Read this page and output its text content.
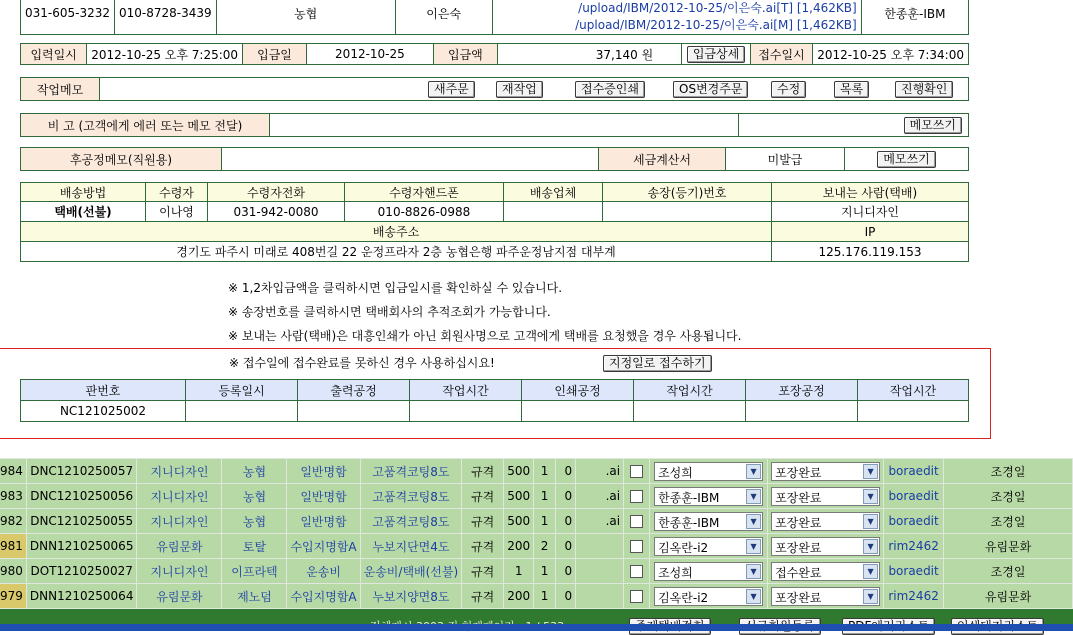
031-605-3232	010-8728-3439	농협	이은숙	/upload/IBM/2012-10-25/이은숙.ai[T] [1,462KB]
/upload/IBM/2012-10-25/이은숙.ai[M] [1,462KB]
	한종훈-IBM
입력일시	2012-10-25 오후 7:25:00	입금일	2012-10-25	입금액	37,140 원	입금상세	접수일시	2012-10-25 오후 7:34:00
작업메모	새주문	재작업	접수증인쇄	OS변경주문	수정	목록	진행확인
비 고 (고객에게 에러 또는 메모 전달)		메모쓰기
후공정메모(직원용)		세금계산서	미발급	메모쓰기
배송방법	수령자	수령자전화	수령자핸드폰	배송업체	송장(등기)번호	보내는 사람(택배)
택배(선불)	이나영	031-942-0080	010-8826-0988			지니디자인
배송주소						IP
경기도 파주시 미래로 408번길 22 운정프라자 2층 농협은행 파주운정남지점 대부계						125.176.119.153
※ 1,2차입금액을 클릭하시면 입금일시를 확인하실 수 있습니다.
※ 송장번호를 클릭하시면 택배회사의 추적조회가 가능합니다.
※ 보내는 사람(택배)은 대흥인쇄가 아닌 회원사명으로 고객에게 택배를 요청했을 경우 사용됩니다.
※ 접수일에 접수완료를 못하신 경우 사용하십시요!	지정일로 접수하기
판번호	등록일시	출력공정	작업시간	인쇄공정	작업시간	포장공정	작업시간
NC121025002							
984	DNC1210250057	지니디자인	농협	일반명함	고품격코팅8도	규격	500	1	0	.ai		조성희 ▼	포장완료 ▼	boraedit	조경일
983	DNC1210250056	지니디자인	농협	일반명함	고품격코팅8도	규격	500	1	0	.ai		한종훈-IBM ▼	포장완료 ▼	boraedit	조경일
982	DNC1210250055	지니디자인	농협	일반명함	고품격코팅8도	규격	500	1	0	.ai		한종훈-IBM ▼	포장완료 ▼	boraedit	조경일
981	DNN1210250065	유림문화	토탈	수입지명함A	누보지단면4도	규격	200	2	0			김옥란-i2 ▼	포장완료 ▼	rim2462	유림문화
980	DOT1210250027	지니디자인	이프라텍	운송비	운송비/택배(선불)	규격	1	1	0			조성희 ▼	접수완료 ▼	boraedit	조경일
979	DNN1210250064	유림문화	제노덤	수입지명함A	누보지양면8도	규격	200	1	0			김옥란-i2 ▼	포장완료 ▼	rim2462	유림문화
